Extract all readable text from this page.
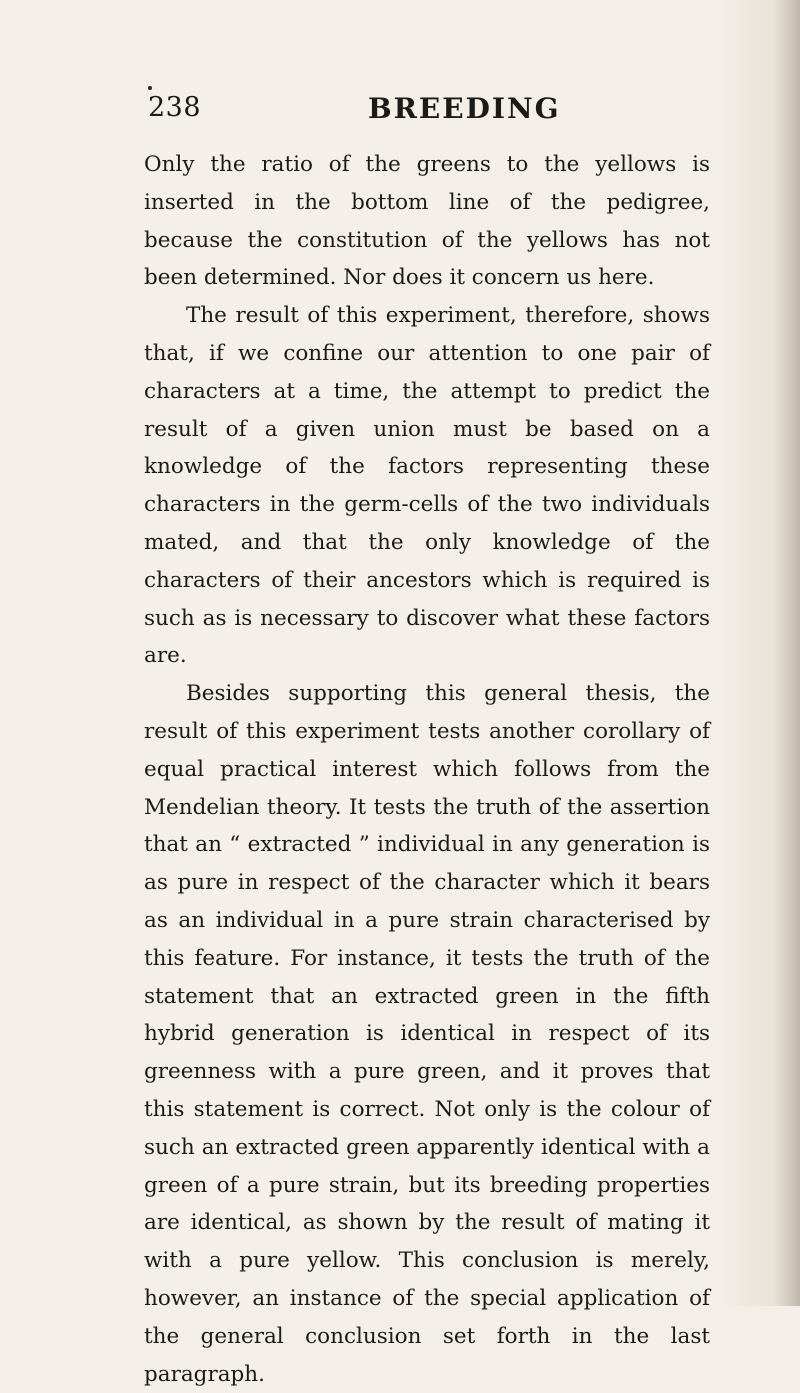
238	BREEDING

Only the ratio of the greens to the yellows is inserted in the bottom line of the pedigree, because the constitution of the yellows has not been determined. Nor does it concern us here.

The result of this experiment, therefore, shows that, if we confine our attention to one pair of characters at a time, the attempt to predict the result of a given union must be based on a knowledge of the factors representing these characters in the germ-cells of the two individuals mated, and that the only knowledge of the characters of their ancestors which is required is such as is necessary to discover what these factors are.

Besides supporting this general thesis, the result of this experiment tests another corollary of equal practical interest which follows from the Mendelian theory. It tests the truth of the assertion that an “ extracted ” individual in any generation is as pure in respect of the character which it bears as an individual in a pure strain characterised by this feature. For instance, it tests the truth of the statement that an extracted green in the fifth hybrid generation is identical in respect of its greenness with a pure green, and it proves that this statement is correct. Not only is the colour of such an extracted green apparently identical with a green of a pure strain, but its breeding properties are identical, as shown by the result of mating it with a pure yellow. This conclusion is merely, however, an instance of the special application of the general conclusion set forth in the last paragraph.
